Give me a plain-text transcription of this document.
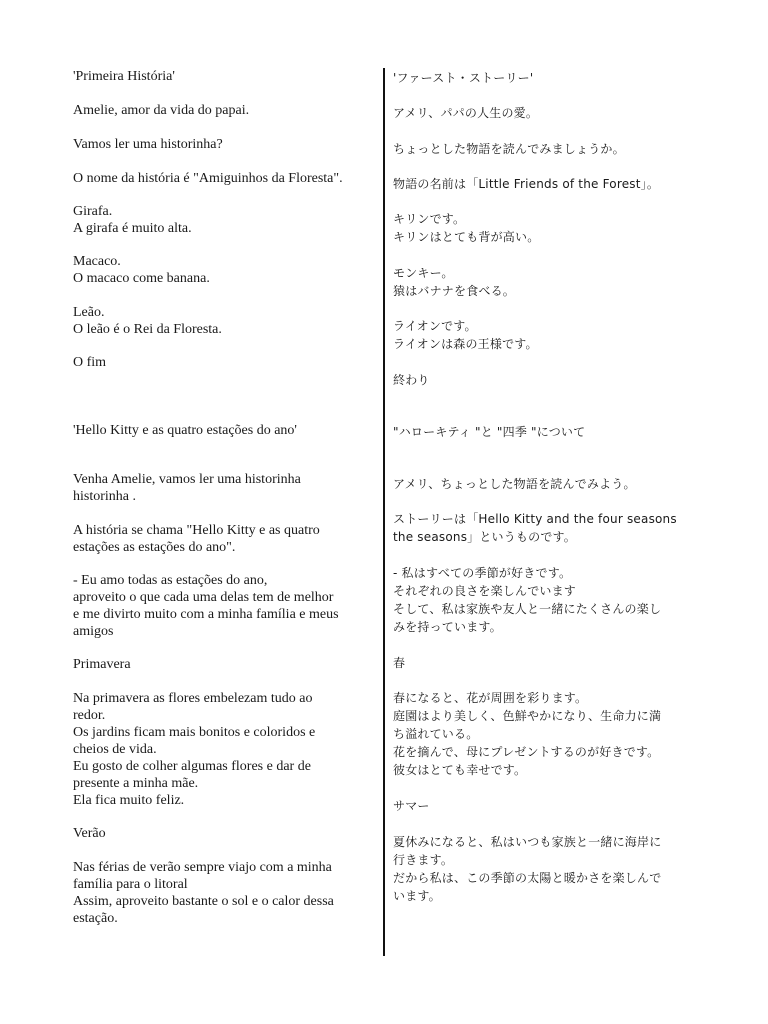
'Primeira História'
Amelie, amor da vida do papai.
Vamos ler uma historinha?
O nome da história é "Amiguinhos da Floresta".
Girafa.
A girafa é muito alta.
Macaco.
O macaco come banana.
Leão.
O leão é o Rei da Floresta.
O fim
'Hello Kitty e as quatro estações do ano'
Venha Amelie, vamos ler uma historinha
historinha .
A história se chama "Hello Kitty e as quatro
estações as estações do ano".
- Eu amo todas as estações do ano,
aproveito o que cada uma delas tem de melhor
e me divirto muito com a minha família e meus
amigos
Primavera
Na primavera as flores embelezam tudo ao
redor.
Os jardins ficam mais bonitos e coloridos e
cheios de vida.
Eu gosto de colher algumas flores e dar de
presente a minha mãe.
Ela fica muito feliz.
Verão
Nas férias de verão sempre viajo com a minha
família para o litoral
Assim, aproveito bastante o sol e o calor dessa
estação.
'ファースト・ストーリー'
アメリ、パパの人生の愛。
ちょっとした物語を読んでみましょうか。
物語の名前は「Little Friends of the Forest」。
キリンです。
キリンはとても背が高い。
モンキー。
猿はバナナを食べる。
ライオンです。
ライオンは森の王様です。
終わり
"ハローキティ "と "四季 "について
アメリ、ちょっとした物語を読んでみよう。
ストーリーは「Hello Kitty and the four seasons
the seasons」というものです。
- 私はすべての季節が好きです。
それぞれの良さを楽しんでいます
そして、私は家族や友人と一緒にたくさんの楽し
みを持っています。
春
春になると、花が周囲を彩ります。
庭園はより美しく、色鮮やかになり、生命力に満
ち溢れている。
花を摘んで、母にプレゼントするのが好きです。
彼女はとても幸せです。
サマー
夏休みになると、私はいつも家族と一緒に海岸に
行きます。
だから私は、この季節の太陽と暖かさを楽しんで
います。
